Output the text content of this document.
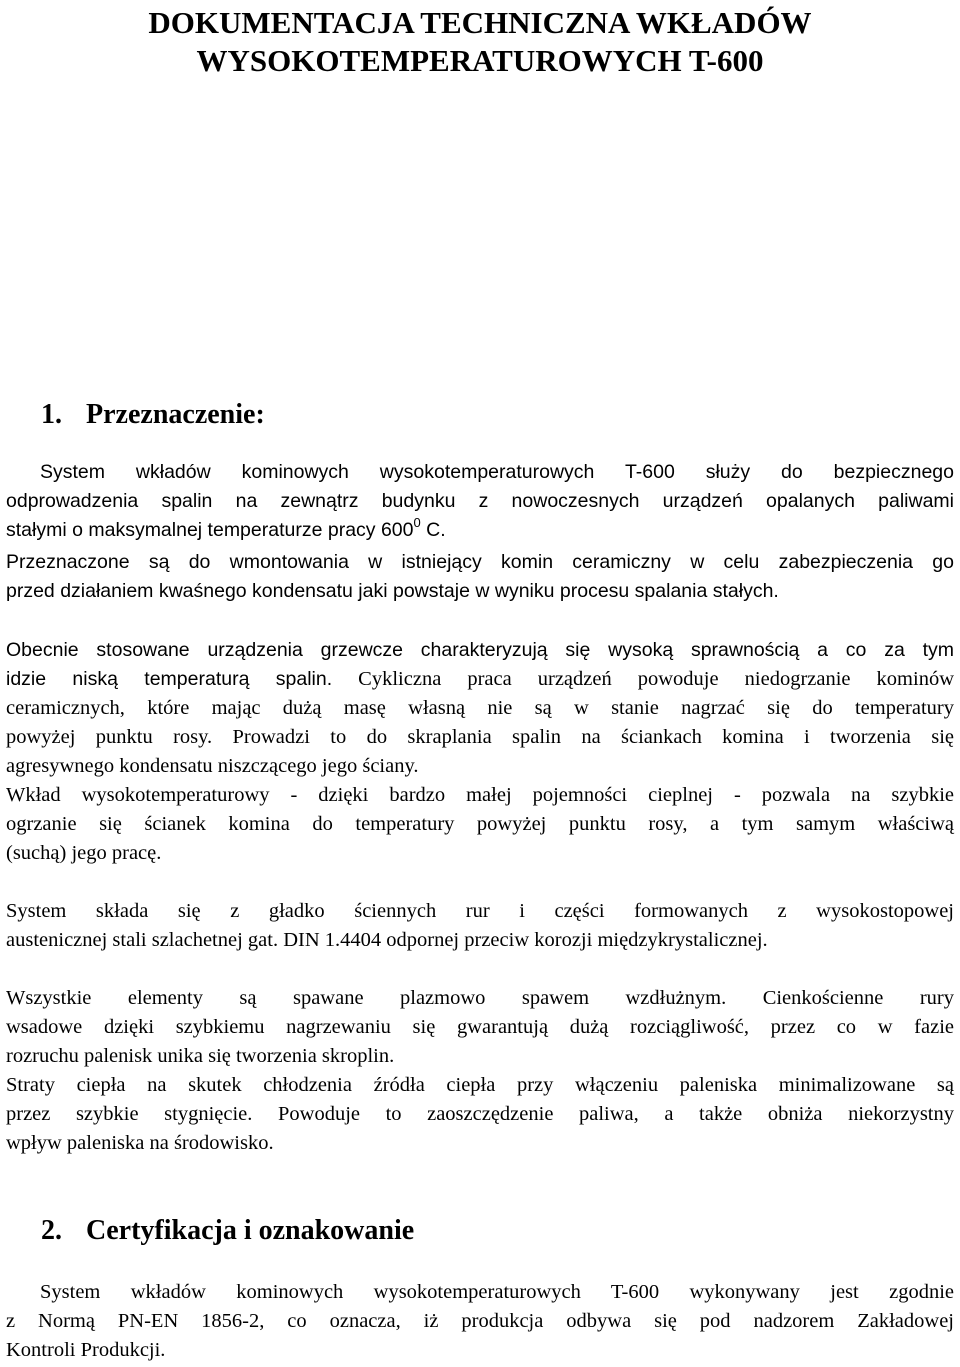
DOKUMENTACJA TECHNICZNA WKŁADÓW
WYSOKOTEMPERATUROWYCH T-600
1. Przeznaczenie:
System wkładów kominowych wysokotemperaturowych T-600 służy do bezpiecznego
odprowadzenia spalin na zewnątrz budynku z nowoczesnych urządzeń opalanych paliwami
stałymi o maksymalnej temperaturze pracy $600^0$ C.
Przeznaczone są do wmontowania w istniejący komin ceramiczny w celu zabezpieczenia go
przed działaniem kwaśnego kondensatu jaki powstaje w wyniku procesu spalania stałych.
Obecnie stosowane urządzenia grzewcze charakteryzują się wysoką sprawnością a co za tym
idzie niską temperaturą spalin. Cykliczna praca urządzeń powoduje niedogrzanie kominów
ceramicznych, które mając dużą masę własną nie są w stanie nagrzać się do temperatury
powyżej punktu rosy. Prowadzi to do skraplania spalin na ściankach komina i tworzenia się
agresywnego kondensatu niszczącego jego ściany.
Wkład wysokotemperaturowy - dzięki bardzo małej pojemności cieplnej - pozwala na szybkie
ogrzanie się ścianek komina do temperatury powyżej punktu rosy, a tym samym właściwą
(suchą) jego pracę.
System składa się z gładko ściennych rur i części formowanych z wysokostopowej
austenicznej stali szlachetnej gat. DIN 1.4404 odpornej przeciw korozji międzykrystalicznej.
Wszystkie elementy są spawane plazmowo spawem wzdłużnym. Cienkościenne rury
wsadowe dzięki szybkiemu nagrzewaniu się gwarantują dużą rozciągliwość, przez co w fazie
rozruchu palenisk unika się tworzenia skroplin.
Straty ciepła na skutek chłodzenia źródła ciepła przy włączeniu paleniska minimalizowane są
przez szybkie stygnięcie. Powoduje to zaoszczędzenie paliwa, a także obniża niekorzystny
wpływ paleniska na środowisko.
2. Certyfikacja i oznakowanie
System wkładów kominowych wysokotemperaturowych T-600 wykonywany jest zgodnie
z Normą PN-EN 1856-2, co oznacza, iż produkcja odbywa się pod nadzorem Zakładowej
Kontroli Produkcji.
